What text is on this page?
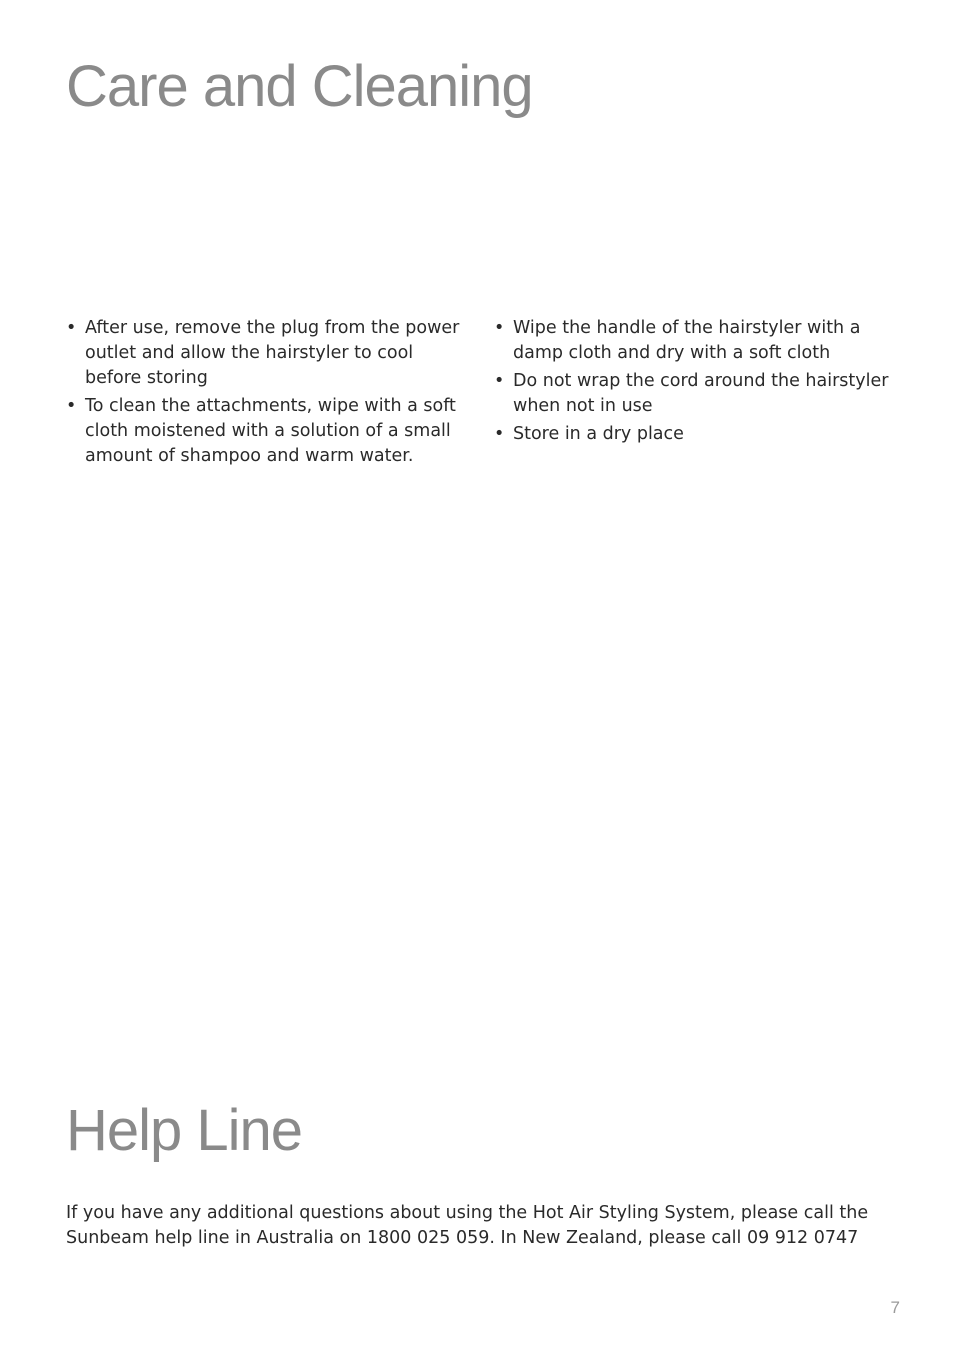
Care and Cleaning
• After use, remove the plug from the power outlet and allow the hairstyler to cool before storing
• To clean the attachments, wipe with a soft cloth moistened with a solution of a small amount of shampoo and warm water.
• Wipe the handle of the hairstyler with a damp cloth and dry with a soft cloth
• Do not wrap the cord around the hairstyler when not in use
• Store in a dry place
Help Line

If you have any additional questions about using the Hot Air Styling System, please call the
Sunbeam help line in Australia on 1800 025 059. In New Zealand, please call 09 912 0747

7
